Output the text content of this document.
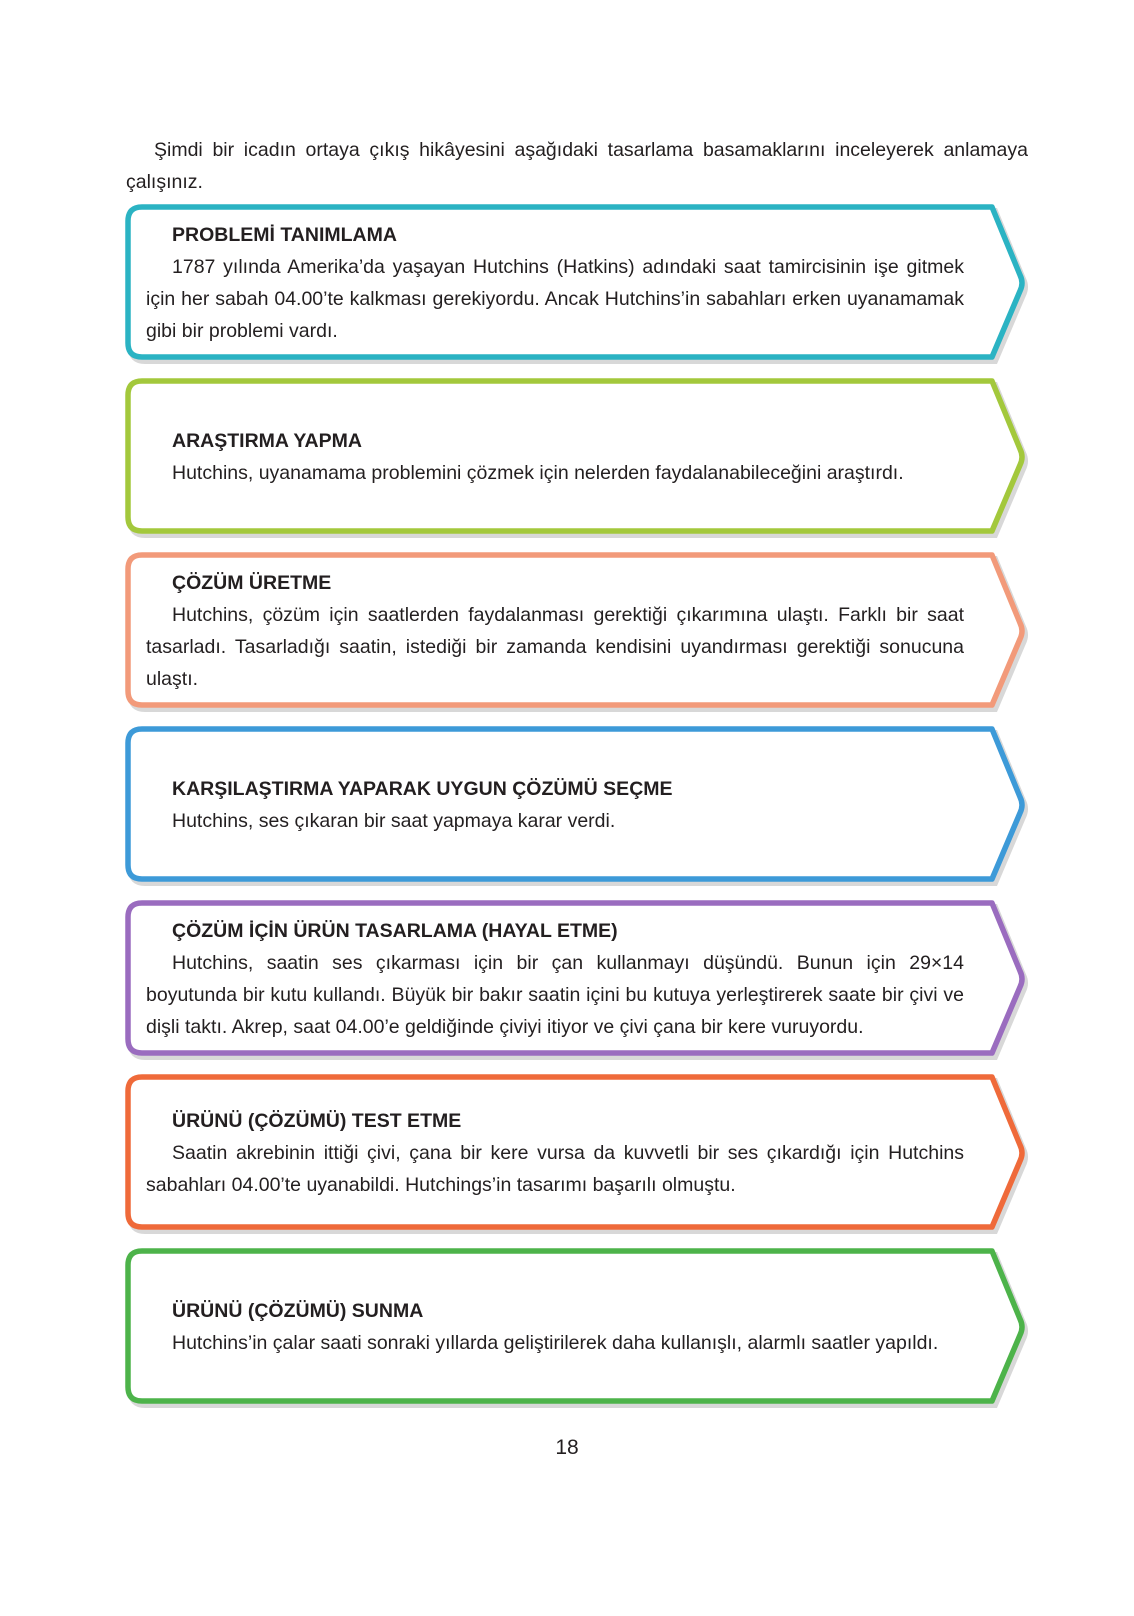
Şimdi bir icadın ortaya çıkış hikâyesini aşağıdaki tasarlama basamaklarını inceleyerek anlamaya çalışınız.

PROBLEMİ TANIMLAMA

1787 yılında Amerika’da yaşayan Hutchins (Hatkins) adındaki saat tamircisinin işe gitmek için her sabah 04.00’te kalkması gerekiyordu. Ancak Hutchins’in sabahları erken uyanamamak gibi bir problemi vardı.

ARAŞTIRMA YAPMA

Hutchins, uyanamama problemini çözmek için nelerden faydalanabileceğini araştırdı.

ÇÖZÜM ÜRETME

Hutchins, çözüm için saatlerden faydalanması gerektiği çıkarımına ulaştı. Farklı bir saat tasarladı. Tasarladığı saatin, istediği bir zamanda kendisini uyandırması gerektiği sonucuna ulaştı.

KARŞILAŞTIRMA YAPARAK UYGUN ÇÖZÜMÜ SEÇME

Hutchins, ses çıkaran bir saat yapmaya karar verdi.

ÇÖZÜM İÇİN ÜRÜN TASARLAMA (HAYAL ETME)

Hutchins, saatin ses çıkarması için bir çan kullanmayı düşündü. Bunun için 29×14 boyutunda bir kutu kullandı. Büyük bir bakır saatin içini bu kutuya yerleştirerek saate bir çivi ve dişli taktı. Akrep, saat 04.00’e geldiğinde çiviyi itiyor ve çivi çana bir kere vuruyordu.

ÜRÜNÜ (ÇÖZÜMÜ) TEST ETME

Saatin akrebinin ittiği çivi, çana bir kere vursa da kuvvetli bir ses çıkardığı için Hutchins sabahları 04.00’te uyanabildi. Hutchings’in tasarımı başarılı olmuştu.

ÜRÜNÜ (ÇÖZÜMÜ) SUNMA

Hutchins’in çalar saati sonraki yıllarda geliştirilerek daha kullanışlı, alarmlı saatler yapıldı.

18
